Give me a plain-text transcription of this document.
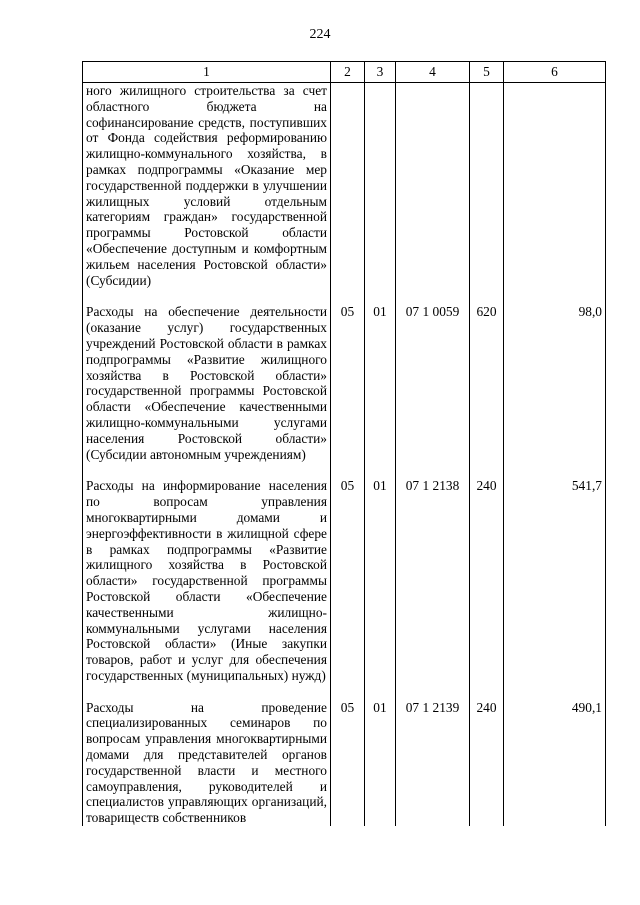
224
1	2	3	4	5	6
ного жилищного строительства за счет областного бюджета на софинансирование средств, поступивших от Фонда содействия реформированию жилищно-коммунального хозяйства, в рамках подпрограммы «Оказание мер государственной поддержки в улучшении жилищных условий отдельным категориям граждан» государственной программы Ростовской области «Обеспечение доступным и комфортным жильем населения Ростовской области» (Субсидии)					
Расходы на обеспечение деятельности (оказание услуг) государственных учреждений Ростовской области в рамках подпрограммы «Развитие жилищного хозяйства в Ростовской области» государственной программы Ростовской области «Обеспечение качественными жилищно-коммунальными услугами населения Ростовской области» (Субсидии автономным учреждениям)	05	01	07 1 0059	620	98,0
Расходы на информирование населения по вопросам управления многоквартирными домами и энергоэффективности в жилищной сфере в рамках подпрограммы «Развитие жилищного хозяйства в Ростовской области» государственной программы Ростовской области «Обеспечение качественными жилищно-коммунальными услугами населения Ростовской области» (Иные закупки товаров, работ и услуг для обеспечения государственных (муниципальных) нужд)	05	01	07 1 2138	240	541,7
Расходы на проведение специализированных семинаров по вопросам управления многоквартирными домами для представителей органов государственной власти и местного самоуправления, руководителей и специалистов управляющих организаций, товариществ собственников	05	01	07 1 2139	240	490,1
